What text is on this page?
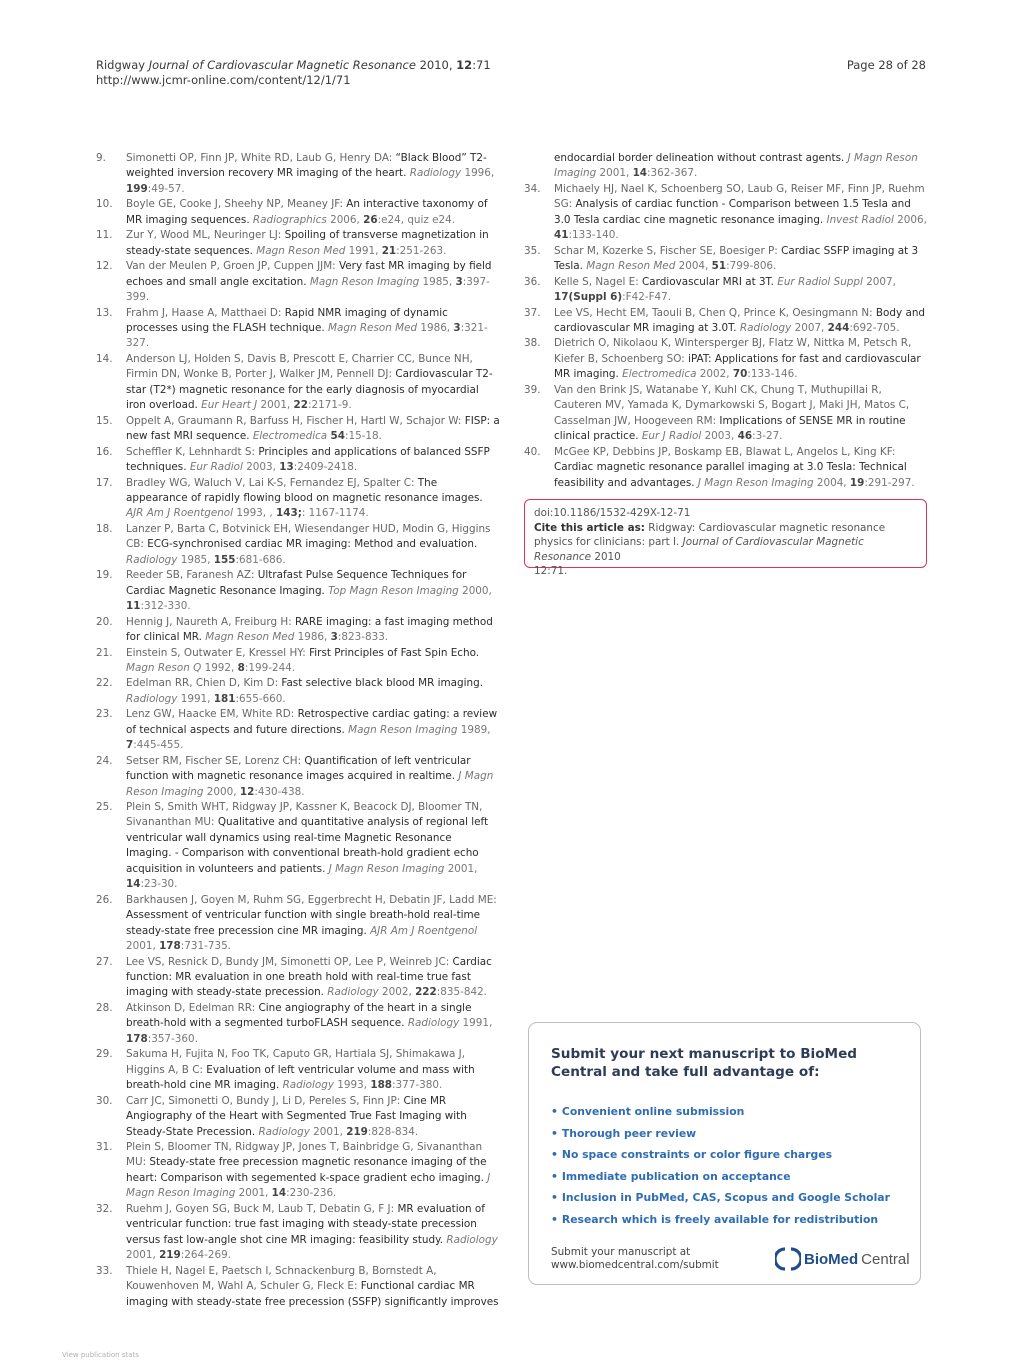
Ridgway Journal of Cardiovascular Magnetic Resonance 2010, 12:71
http://www.jcmr-online.com/content/12/1/71
Page 28 of 28
9. Simonetti OP, Finn JP, White RD, Laub G, Henry DA: “Black Blood” T2-weighted inversion recovery MR imaging of the heart. Radiology 1996, 199:49-57.
10. Boyle GE, Cooke J, Sheehy NP, Meaney JF: An interactive taxonomy of MR imaging sequences. Radiographics 2006, 26:e24, quiz e24.
11. Zur Y, Wood ML, Neuringer LJ: Spoiling of transverse magnetization in steady-state sequences. Magn Reson Med 1991, 21:251-263.
12. Van der Meulen P, Groen JP, Cuppen JJM: Very fast MR imaging by field echoes and small angle excitation. Magn Reson Imaging 1985, 3:397-399.
13. Frahm J, Haase A, Matthaei D: Rapid NMR imaging of dynamic processes using the FLASH technique. Magn Reson Med 1986, 3:321-327.
14. Anderson LJ, Holden S, Davis B, Prescott E, Charrier CC, Bunce NH, Firmin DN, Wonke B, Porter J, Walker JM, Pennell DJ: Cardiovascular T2-star (T2*) magnetic resonance for the early diagnosis of myocardial iron overload. Eur Heart J 2001, 22:2171-9.
15. Oppelt A, Graumann R, Barfuss H, Fischer H, Hartl W, Schajor W: FISP: a new fast MRI sequence. Electromedica 54:15-18.
16. Scheffler K, Lehnhardt S: Principles and applications of balanced SSFP techniques. Eur Radiol 2003, 13:2409-2418.
17. Bradley WG, Waluch V, Lai K-S, Fernandez EJ, Spalter C: The appearance of rapidly flowing blood on magnetic resonance images. AJR Am J Roentgenol 1993, , 143;: 1167-1174.
18. Lanzer P, Barta C, Botvinick EH, Wiesendanger HUD, Modin G, Higgins CB: ECG-synchronised cardiac MR imaging: Method and evaluation. Radiology 1985, 155:681-686.
19. Reeder SB, Faranesh AZ: Ultrafast Pulse Sequence Techniques for Cardiac Magnetic Resonance Imaging. Top Magn Reson Imaging 2000, 11:312-330.
20. Hennig J, Naureth A, Freiburg H: RARE imaging: a fast imaging method for clinical MR. Magn Reson Med 1986, 3:823-833.
21. Einstein S, Outwater E, Kressel HY: First Principles of Fast Spin Echo. Magn Reson Q 1992, 8:199-244.
22. Edelman RR, Chien D, Kim D: Fast selective black blood MR imaging. Radiology 1991, 181:655-660.
23. Lenz GW, Haacke EM, White RD: Retrospective cardiac gating: a review of technical aspects and future directions. Magn Reson Imaging 1989, 7:445-455.
24. Setser RM, Fischer SE, Lorenz CH: Quantification of left ventricular function with magnetic resonance images acquired in realtime. J Magn Reson Imaging 2000, 12:430-438.
25. Plein S, Smith WHT, Ridgway JP, Kassner K, Beacock DJ, Bloomer TN, Sivananthan MU: Qualitative and quantitative analysis of regional left ventricular wall dynamics using real-time Magnetic Resonance Imaging. - Comparison with conventional breath-hold gradient echo acquisition in volunteers and patients. J Magn Reson Imaging 2001, 14:23-30.
26. Barkhausen J, Goyen M, Ruhm SG, Eggerbrecht H, Debatin JF, Ladd ME: Assessment of ventricular function with single breath-hold real-time steady-state free precession cine MR imaging. AJR Am J Roentgenol 2001, 178:731-735.
27. Lee VS, Resnick D, Bundy JM, Simonetti OP, Lee P, Weinreb JC: Cardiac function: MR evaluation in one breath hold with real-time true fast imaging with steady-state precession. Radiology 2002, 222:835-842.
28. Atkinson D, Edelman RR: Cine angiography of the heart in a single breath-hold with a segmented turboFLASH sequence. Radiology 1991, 178:357-360.
29. Sakuma H, Fujita N, Foo TK, Caputo GR, Hartiala SJ, Shimakawa J, Higgins A, B C: Evaluation of left ventricular volume and mass with breath-hold cine MR imaging. Radiology 1993, 188:377-380.
30. Carr JC, Simonetti O, Bundy J, Li D, Pereles S, Finn JP: Cine MR Angiography of the Heart with Segmented True Fast Imaging with Steady-State Precession. Radiology 2001, 219:828-834.
31. Plein S, Bloomer TN, Ridgway JP, Jones T, Bainbridge G, Sivananthan MU: Steady-state free precession magnetic resonance imaging of the heart: Comparison with segemented k-space gradient echo imaging. J Magn Reson Imaging 2001, 14:230-236.
32. Ruehm J, Goyen SG, Buck M, Laub T, Debatin G, F J: MR evaluation of ventricular function: true fast imaging with steady-state precession versus fast low-angle shot cine MR imaging: feasibility study. Radiology 2001, 219:264-269.
33. Thiele H, Nagel E, Paetsch I, Schnackenburg B, Bornstedt A, Kouwenhoven M, Wahl A, Schuler G, Fleck E: Functional cardiac MR imaging with steady-state free precession (SSFP) significantly improves
endocardial border delineation without contrast agents. J Magn Reson Imaging 2001, 14:362-367.
34. Michaely HJ, Nael K, Schoenberg SO, Laub G, Reiser MF, Finn JP, Ruehm SG: Analysis of cardiac function - Comparison between 1.5 Tesla and 3.0 Tesla cardiac cine magnetic resonance imaging. Invest Radiol 2006, 41:133-140.
35. Schar M, Kozerke S, Fischer SE, Boesiger P: Cardiac SSFP imaging at 3 Tesla. Magn Reson Med 2004, 51:799-806.
36. Kelle S, Nagel E: Cardiovascular MRI at 3T. Eur Radiol Suppl 2007, 17(Suppl 6):F42-F47.
37. Lee VS, Hecht EM, Taouli B, Chen Q, Prince K, Oesingmann N: Body and cardiovascular MR imaging at 3.0T. Radiology 2007, 244:692-705.
38. Dietrich O, Nikolaou K, Wintersperger BJ, Flatz W, Nittka M, Petsch R, Kiefer B, Schoenberg SO: iPAT: Applications for fast and cardiovascular MR imaging. Electromedica 2002, 70:133-146.
39. Van den Brink JS, Watanabe Y, Kuhl CK, Chung T, Muthupillai R, Cauteren MV, Yamada K, Dymarkowski S, Bogart J, Maki JH, Matos C, Casselman JW, Hoogeveen RM: Implications of SENSE MR in routine clinical practice. Eur J Radiol 2003, 46:3-27.
40. McGee KP, Debbins JP, Boskamp EB, Blawat L, Angelos L, King KF: Cardiac magnetic resonance parallel imaging at 3.0 Tesla: Technical feasibility and advantages. J Magn Reson Imaging 2004, 19:291-297.
doi:10.1186/1532-429X-12-71
Cite this article as: Ridgway: Cardiovascular magnetic resonance physics for clinicians: part I. Journal of Cardiovascular Magnetic Resonance 2010
12:71.
Submit your next manuscript to BioMed Central and take full advantage of:
• Convenient online submission
• Thorough peer review
• No space constraints or color figure charges
• Immediate publication on acceptance
• Inclusion in PubMed, CAS, Scopus and Google Scholar
• Research which is freely available for redistribution
Submit your manuscript at
www.biomedcentral.com/submit	BioMed Central
View publication stats
